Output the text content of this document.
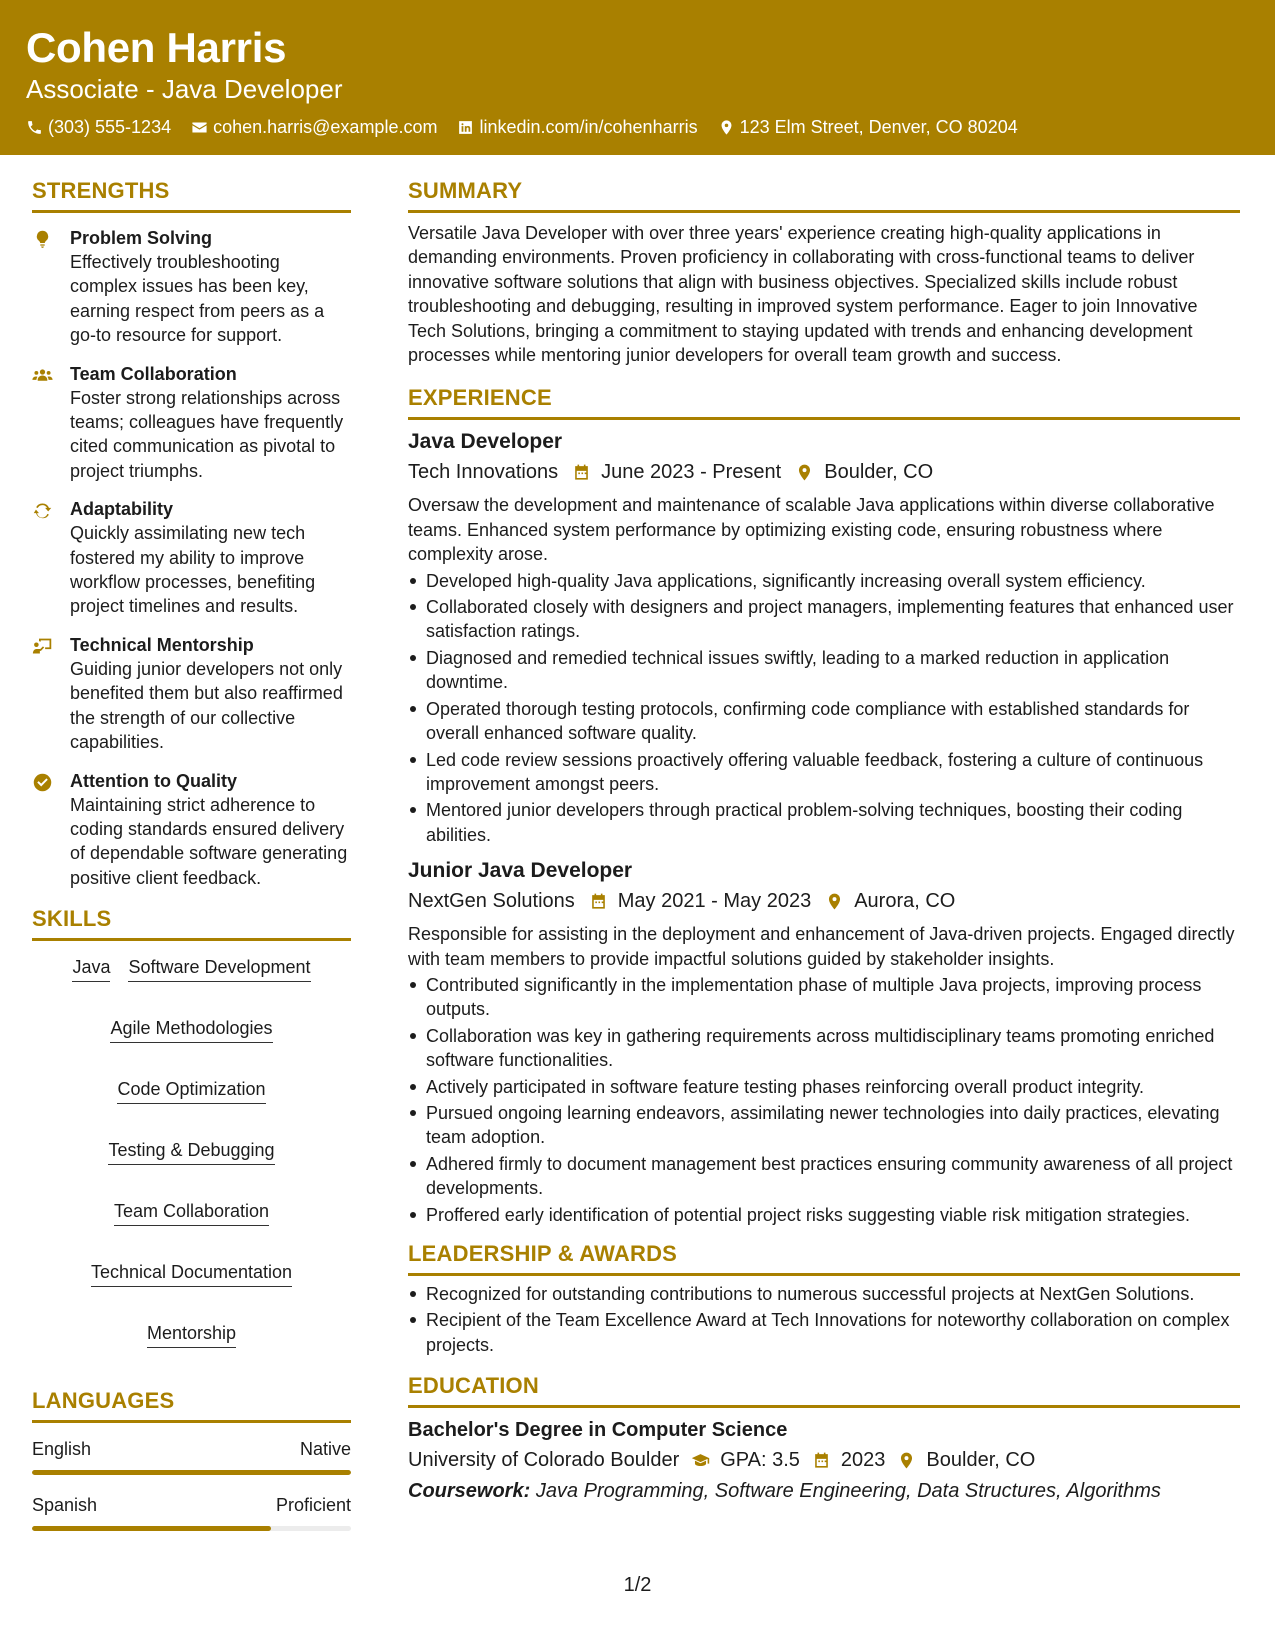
Cohen Harris
Associate - Java Developer
(303) 555-1234 cohen.harris@example.com linkedin.com/in/cohenharris 123 Elm Street, Denver, CO 80204
STRENGTHS
Problem Solving
Effectively troubleshooting complex issues has been key, earning respect from peers as a go-to resource for support.
Team Collaboration
Foster strong relationships across teams; colleagues have frequently cited communication as pivotal to project triumphs.
Adaptability
Quickly assimilating new tech fostered my ability to improve workflow processes, benefiting project timelines and results.
Technical Mentorship
Guiding junior developers not only benefited them but also reaffirmed the strength of our collective capabilities.
Attention to Quality
Maintaining strict adherence to coding standards ensured delivery of dependable software generating positive client feedback.
SKILLS
Java Software Development
Agile Methodologies
Code Optimization
Testing & Debugging
Team Collaboration
Technical Documentation
Mentorship
LANGUAGES
English	Native
Spanish	Proficient
SUMMARY
Versatile Java Developer with over three years' experience creating high-quality applications in demanding environments. Proven proficiency in collaborating with cross-functional teams to deliver innovative software solutions that align with business objectives. Specialized skills include robust troubleshooting and debugging, resulting in improved system performance. Eager to join Innovative Tech Solutions, bringing a commitment to staying updated with trends and enhancing development processes while mentoring junior developers for overall team growth and success.
EXPERIENCE
Java Developer
Tech Innovations June 2023 - Present Boulder, CO
Oversaw the development and maintenance of scalable Java applications within diverse collaborative teams. Enhanced system performance by optimizing existing code, ensuring robustness where complexity arose.
Developed high-quality Java applications, significantly increasing overall system efficiency.
Collaborated closely with designers and project managers, implementing features that enhanced user satisfaction ratings.
Diagnosed and remedied technical issues swiftly, leading to a marked reduction in application downtime.
Operated thorough testing protocols, confirming code compliance with established standards for overall enhanced software quality.
Led code review sessions proactively offering valuable feedback, fostering a culture of continuous improvement amongst peers.
Mentored junior developers through practical problem-solving techniques, boosting their coding abilities.
Junior Java Developer
NextGen Solutions May 2021 - May 2023 Aurora, CO
Responsible for assisting in the deployment and enhancement of Java-driven projects. Engaged directly with team members to provide impactful solutions guided by stakeholder insights.
Contributed significantly in the implementation phase of multiple Java projects, improving process outputs.
Collaboration was key in gathering requirements across multidisciplinary teams promoting enriched software functionalities.
Actively participated in software feature testing phases reinforcing overall product integrity.
Pursued ongoing learning endeavors, assimilating newer technologies into daily practices, elevating team adoption.
Adhered firmly to document management best practices ensuring community awareness of all project developments.
Proffered early identification of potential project risks suggesting viable risk mitigation strategies.
LEADERSHIP & AWARDS
Recognized for outstanding contributions to numerous successful projects at NextGen Solutions.
Recipient of the Team Excellence Award at Tech Innovations for noteworthy collaboration on complex projects.
EDUCATION
Bachelor's Degree in Computer Science
University of Colorado Boulder GPA: 3.5 2023 Boulder, CO
Coursework: Java Programming, Software Engineering, Data Structures, Algorithms
1/2
